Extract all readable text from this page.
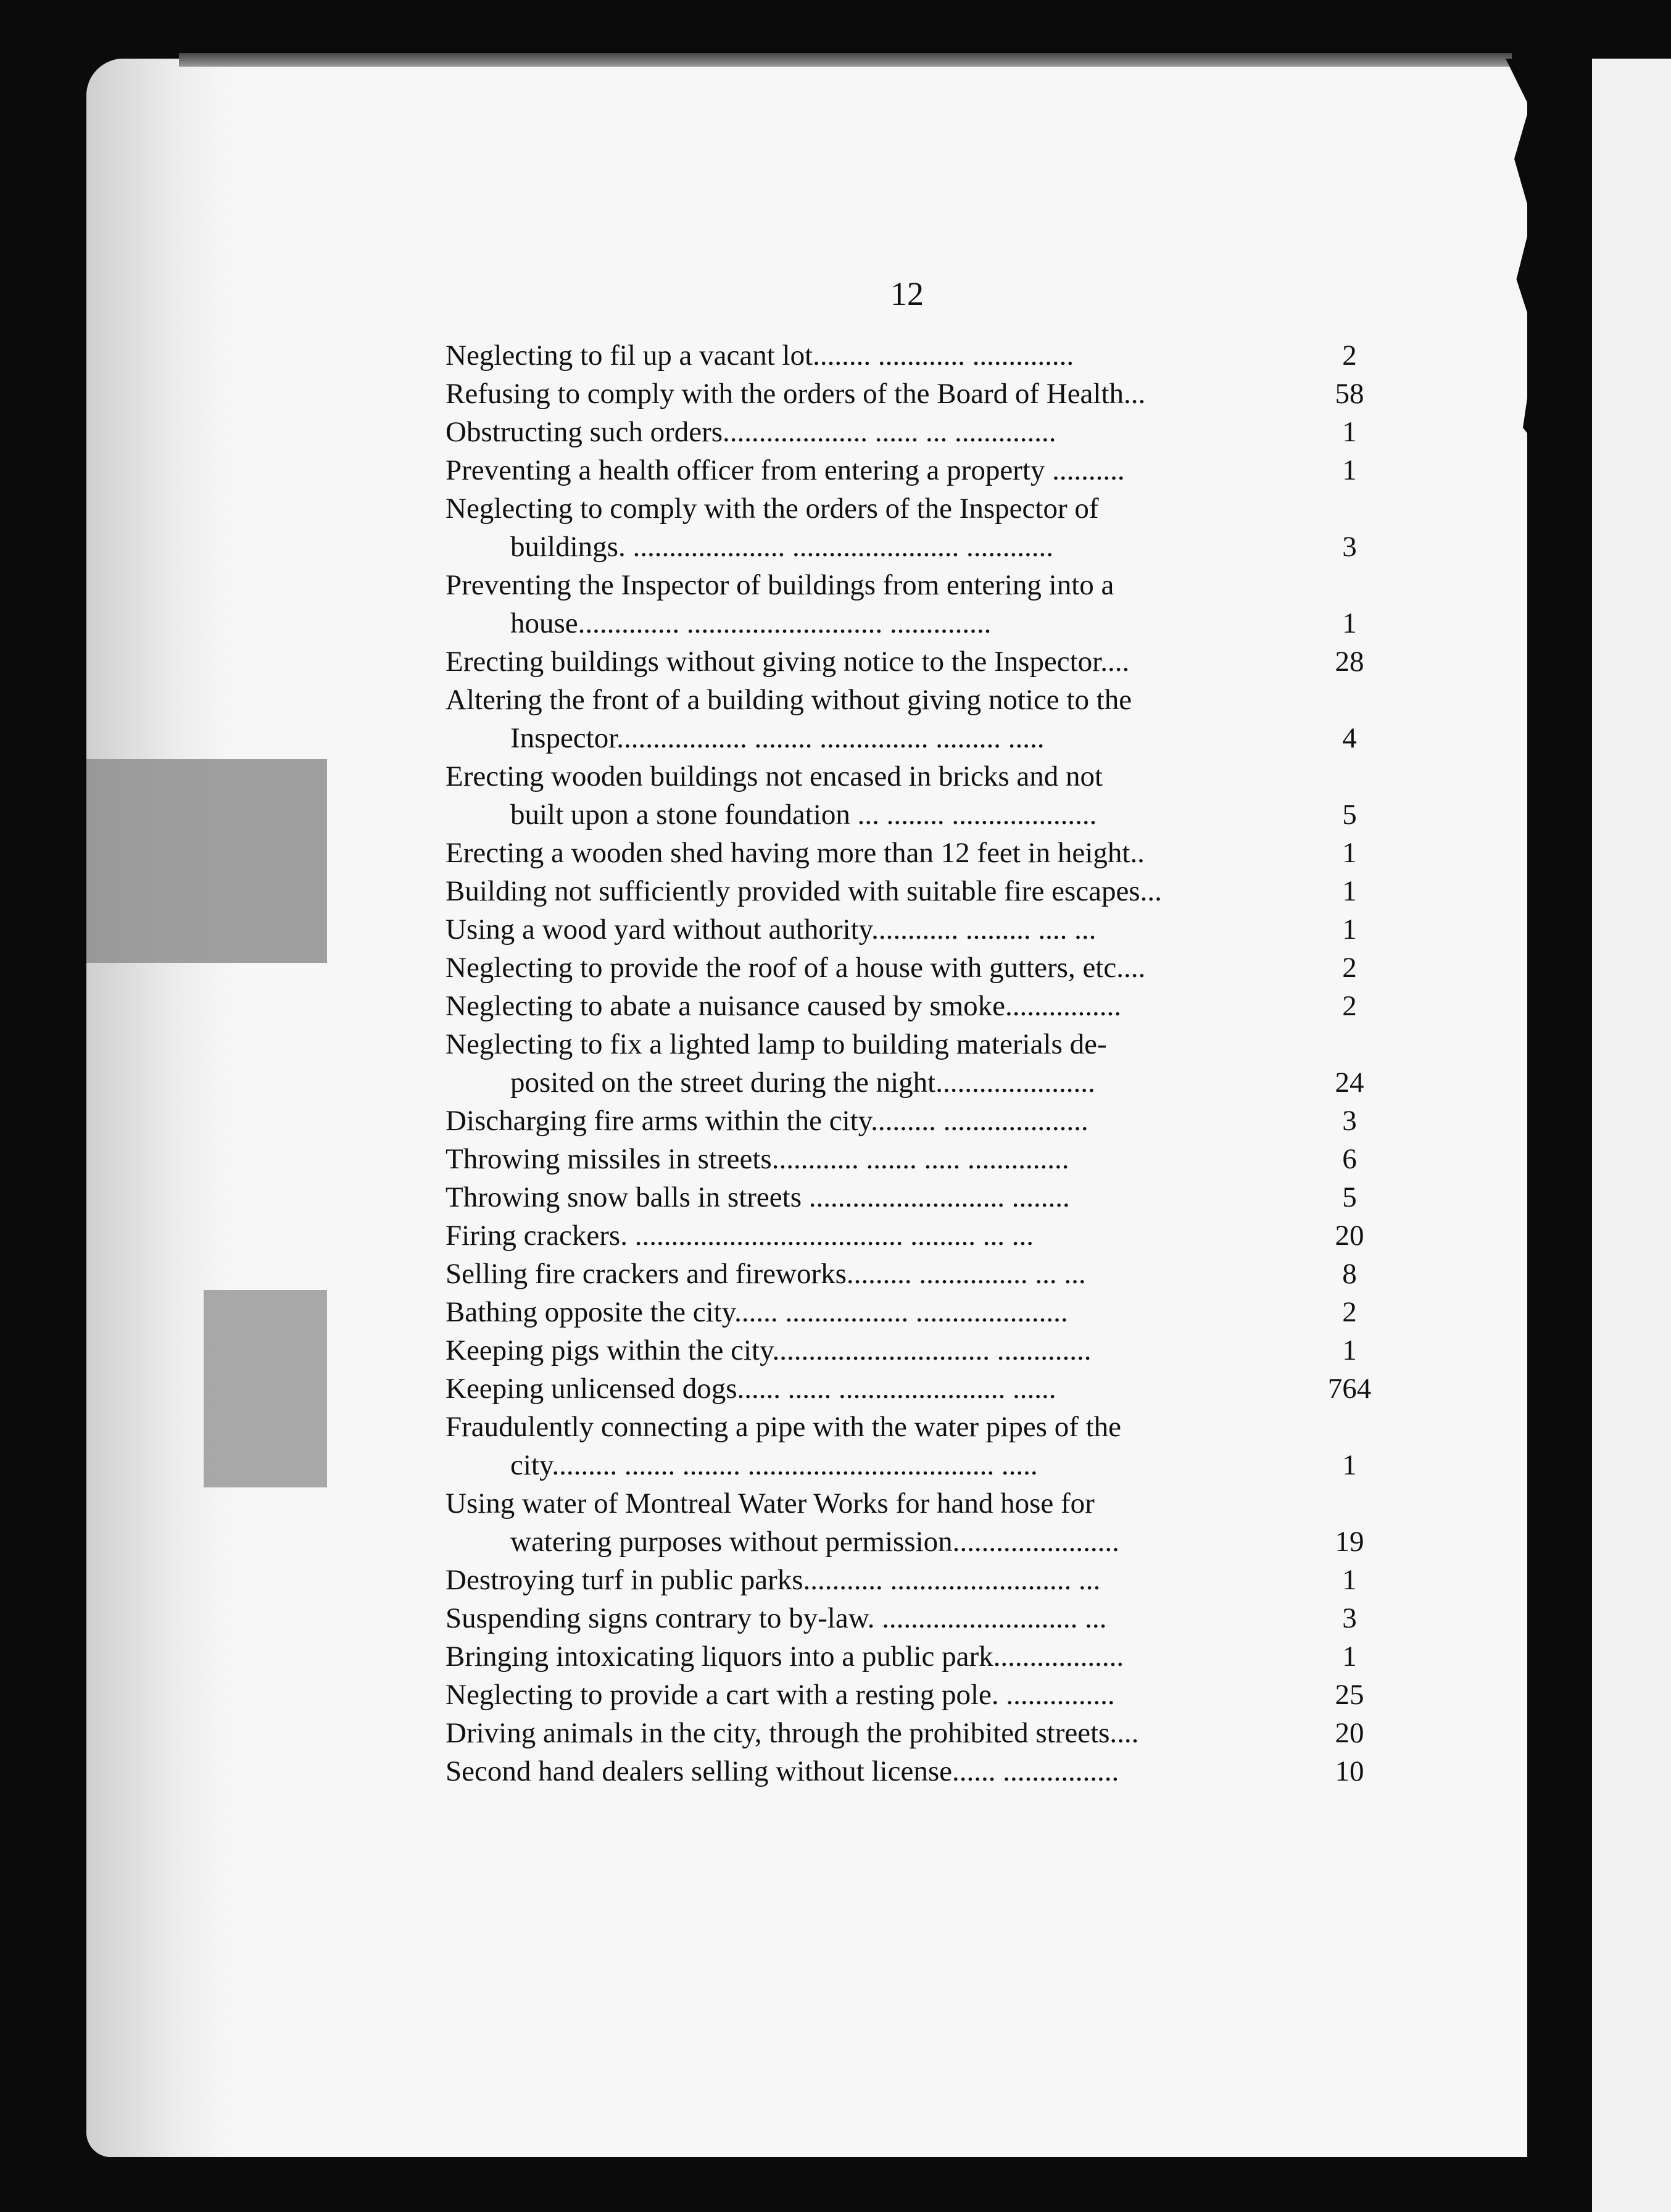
12
Neglecting to fil up a vacant lot........ ............ ..............	2
Refusing to comply with the orders of the Board of Health...	58
Obstructing such orders.................... ...... ... ..............	1
Preventing a health officer from entering a property ..........	1
Neglecting to comply with the orders of the Inspector of
buildings. ..................... ....................... ............	3
Preventing the Inspector of buildings from entering into a
house.............. ........................... ..............	1
Erecting buildings without giving notice to the Inspector....	28
Altering the front of a building without giving notice to the
Inspector.................. ........ ............... ......... .....	4
Erecting wooden buildings not encased in bricks and not
built upon a stone foundation ... ........ ....................	5
Erecting a wooden shed having more than 12 feet in height..	1
Building not sufficiently provided with suitable fire escapes...	1
Using a wood yard without authority............ ......... .... ...	1
Neglecting to provide the roof of a house with gutters, etc....	2
Neglecting to abate a nuisance caused by smoke................	2
Neglecting to fix a lighted lamp to building materials de-
posited on the street during the night......................	24
Discharging fire arms within the city......... ....................	3
Throwing missiles in streets............ ....... ..... ..............	6
Throwing snow balls in streets ........................... ........	5
Firing crackers. ..................................... ......... ... ...	20
Selling fire crackers and fireworks......... ............... ... ...	8
Bathing opposite the city...... ................. .....................	2
Keeping pigs within the city.............................. .............	1
Keeping unlicensed dogs...... ...... ....................... ......	764
Fraudulently connecting a pipe with the water pipes of the
city......... ....... ........ .................................. .....	1
Using water of Montreal Water Works for hand hose for
watering purposes without permission.......................	19
Destroying turf in public parks........... ......................... ...	1
Suspending signs contrary to by-law. ........................... ...	3
Bringing intoxicating liquors into a public park..................	1
Neglecting to provide a cart with a resting pole. ...............	25
Driving animals in the city, through the prohibited streets....	20
Second hand dealers selling without license...... ................	10
